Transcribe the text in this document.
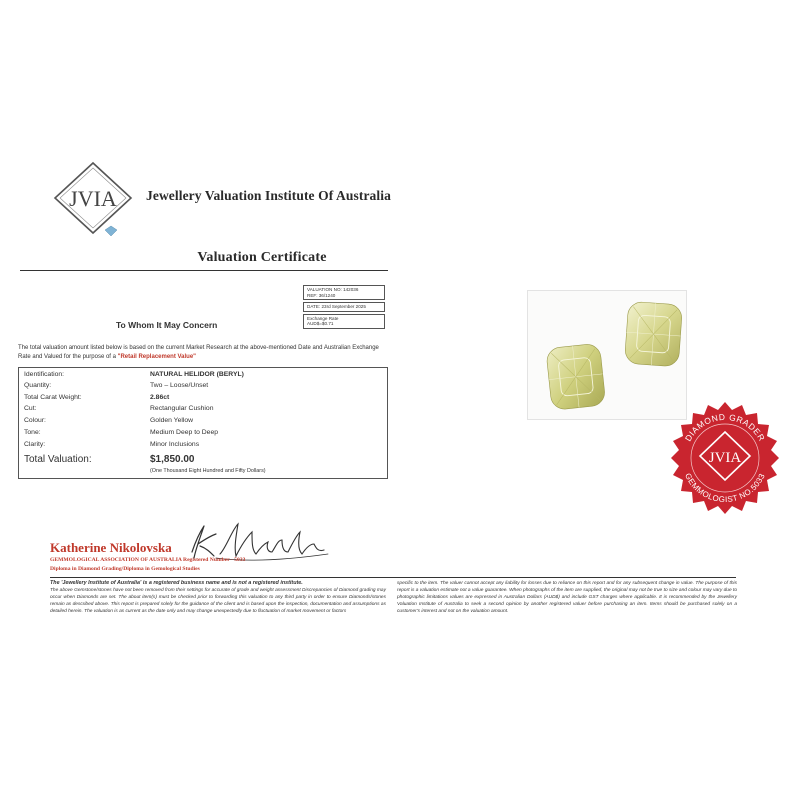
JVIA Jewellery Valuation Institute Of Australia
Valuation Certificate
VALUATION NO: 142036
REF: 36/1240
DATE: 23rd September 2025
Exchange Rate
AUD$=$0.71
To Whom It May Concern
The total valuation amount listed below is based on the current Market Research at the above-mentioned Date and Australian Exchange Rate and Valued for the purpose of a "Retail Replacement Value"
Identification:	NATURAL HELIDOR (BERYL)
Quantity:	Two – Loose/Unset
Total Carat Weight:	2.86ct
Cut:	Rectangular Cushion
Colour:	Golden Yellow
Tone:	Medium Deep to Deep
Clarity:	Minor Inclusions
Total Valuation:	$1,850.00
(One Thousand Eight Hundred and Fifty Dollars)
DIAMOND GRADER
GEMMOLOGIST NO.5033
JVIA
Katherine Nikolovska
GEMMOLOGICAL ASSOCIATION OF AUSTRALIA Registered Number - 5033
Diploma in Diamond Grading/Diploma in Gemological Studies
The 'Jewellery Institute of Australia' is a registered business name and is not a registered institute.
The above Gemstone/stones have not been removed from their settings for accurate of grade and weight assessment Discrepancies of Diamond grading may occur when Diamonds are set. The about item(s) must be checked prior to forwarding this valuation to any third party in order to ensure Diamonds/stones remain as described above. This report is prepared solely for the guidance of the client and is based upon the inspection, documentation and assumptions as detailed herein. The valuation is as current as the date only and may change unexpectedly due to fluctuation of market movement or factors
specific to the item. The valuer cannot accept any liability for losses due to reliance on this report and for any subsequent change in value. The purpose of this report is a valuation estimate not a value guarantee. When photographs of the item are supplied, the original may not be true to size and colour may vary due to photographic limitations values are expressed in Australian Dollars (AUD$) and include GST charges where applicable. It is recommended by the Jewellery Valuation Institute of Australia to seek a second opinion by another registered valuer before purchasing an item. Items should be purchased solely on a customer's interest and not on the valuation amount.
